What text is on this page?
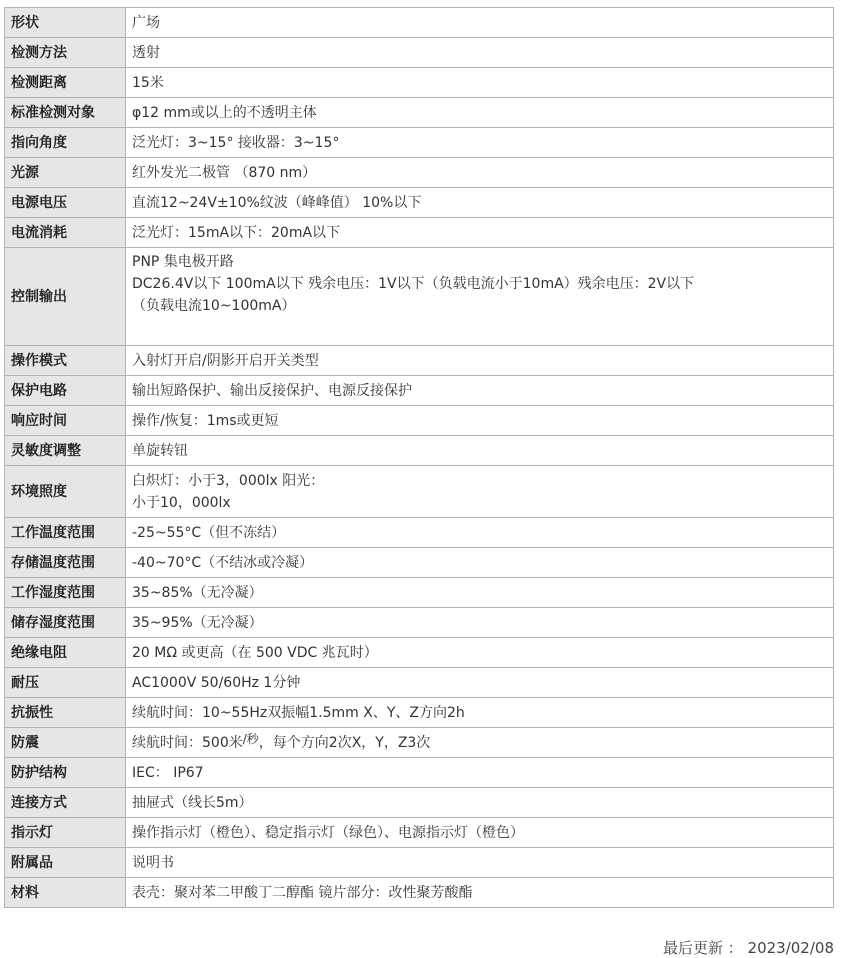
形状	广场

检测方法	透射

检测距离	15米

标准检测对象	φ12 mm或以上的不透明主体

指向角度	泛光灯：3~15° 接收器：3~15°

光源	红外发光二极管 （870 nm）

电源电压	直流12~24V±10%纹波（峰峰值） 10%以下

电流消耗	泛光灯：15mA以下：20mA以下

控制输出	PNP 集电极开路
DC26.4V以下 100mA以下 残余电压：1V以下（负载电流小于10mA）残余电压：2V以下
（负载电流10~100mA）

操作模式	入射灯开启/阴影开启开关类型

保护电路	输出短路保护、输出反接保护、电源反接保护

响应时间	操作/恢复：1ms或更短

灵敏度调整	单旋转钮

环境照度	白炽灯：小于3，000lx 阳光：
小于10，000lx

工作温度范围	-25~55°C（但不冻结）

存储温度范围	-40~70°C（不结冰或冷凝）

工作湿度范围	35~85%（无冷凝）

储存湿度范围	35~95%（无冷凝）

绝缘电阻	20 MΩ 或更高（在 500 VDC 兆瓦时）

耐压	AC1000V 50/60Hz 1分钟

抗振性	续航时间：10~55Hz双振幅1.5mm X、Y、Z方向2h

防震	续航时间：500米$^{/秒}$，每个方向2次X，Y，Z3次
防护结构	IEC： IP67

连接方式	抽屉式（线长5m）

指示灯	操作指示灯（橙色）、稳定指示灯（绿色）、电源指示灯（橙色）

附属品	说明书

材料	表壳：聚对苯二甲酸丁二醇酯 镜片部分：改性聚芳酸酯
最后更新 ： 2023/02/08
